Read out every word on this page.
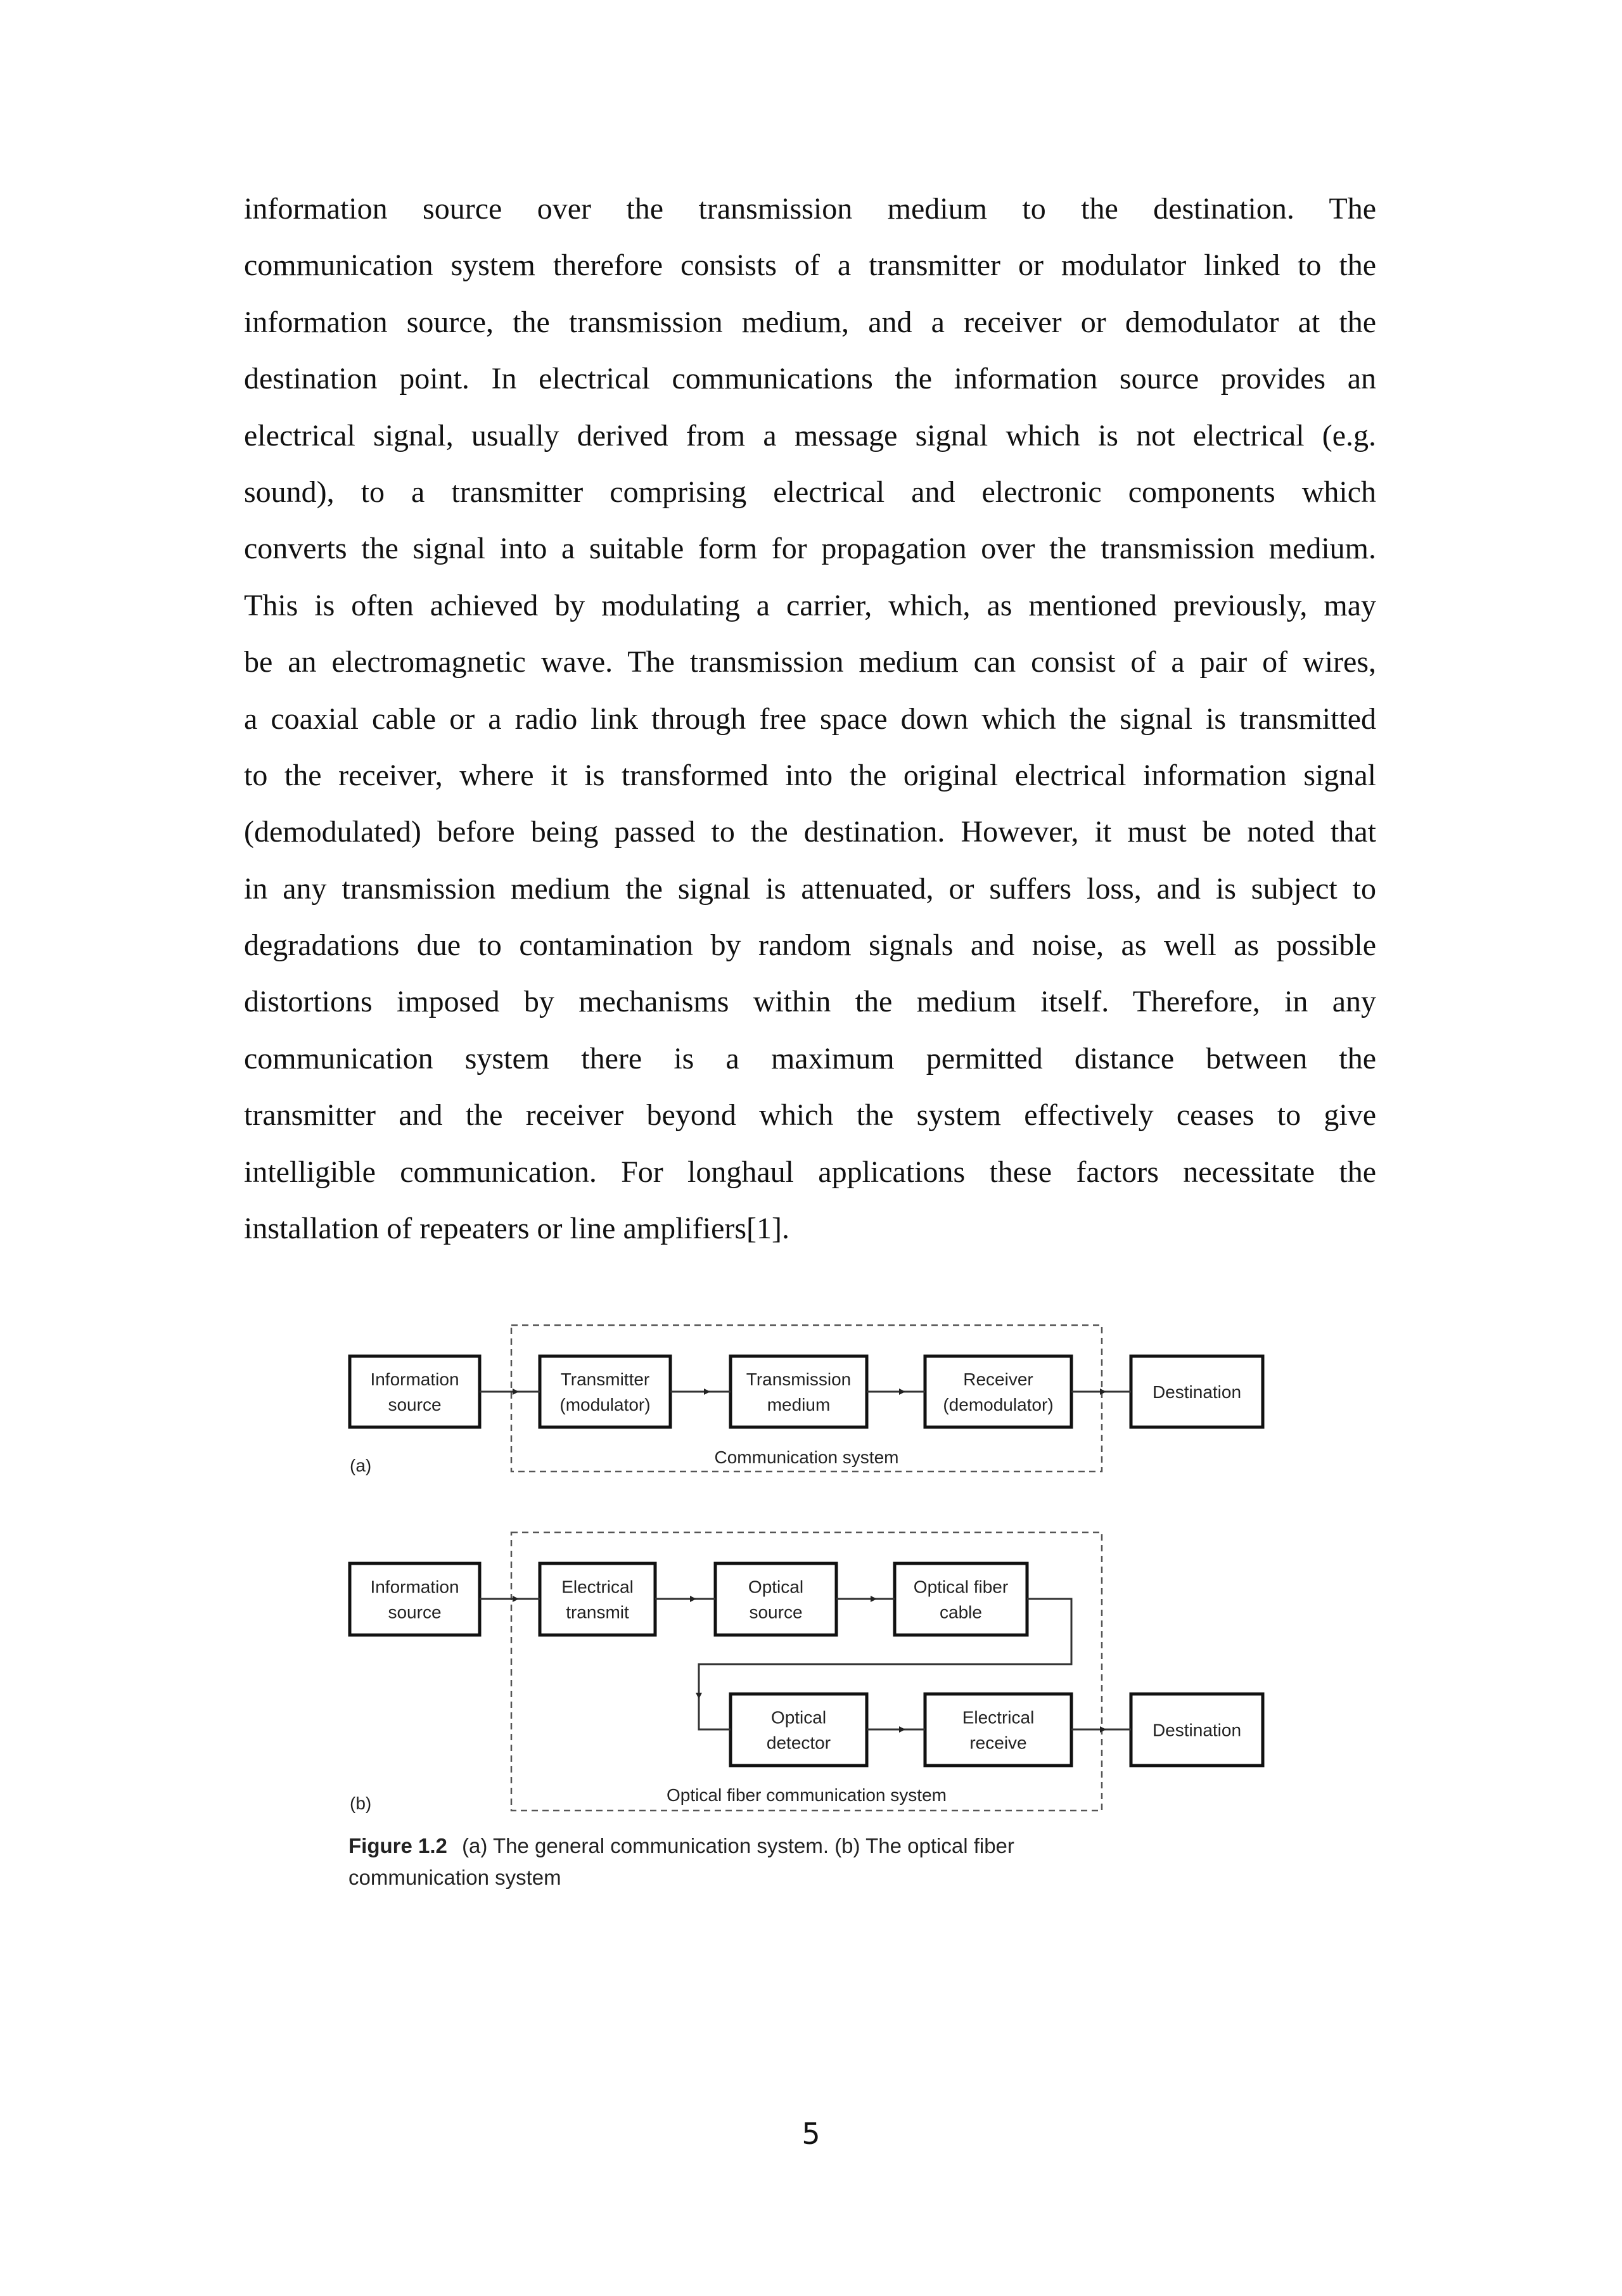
information source over the transmission medium to the destination. The
communication system therefore consists of a transmitter or modulator linked to the
information source, the transmission medium, and a receiver or demodulator at the
destination point. In electrical communications the information source provides an
electrical signal, usually derived from a message signal which is not electrical (e.g.
sound), to a transmitter comprising electrical and electronic components which
converts the signal into a suitable form for propagation over the transmission medium.
This is often achieved by modulating a carrier, which, as mentioned previously, may
be an electromagnetic wave. The transmission medium can consist of a pair of wires,
a coaxial cable or a radio link through free space down which the signal is transmitted
to the receiver, where it is transformed into the original electrical information signal
(demodulated) before being passed to the destination. However, it must be noted that
in any transmission medium the signal is attenuated, or suffers loss, and is subject to
degradations due to contamination by random signals and noise, as well as possible
distortions imposed by mechanisms within the medium itself. Therefore, in any
communication system there is a maximum permitted distance between the
transmitter and the receiver beyond which the system effectively ceases to give
intelligible communication. For longhaul applications these factors necessitate the
installation of repeaters or line amplifiers[1].
Information
source
Transmitter
(modulator)
Transmission
medium
Receiver
(demodulator)
Destination
Communication system
(a)
Information
source
Electrical
transmit
Optical
source
Optical fiber
cable
Optical
detector
Electrical
receive
Destination
Optical fiber communication system
(b)
Figure 1.2 (a) The general communication system. (b) The optical fiber
communication system
5
